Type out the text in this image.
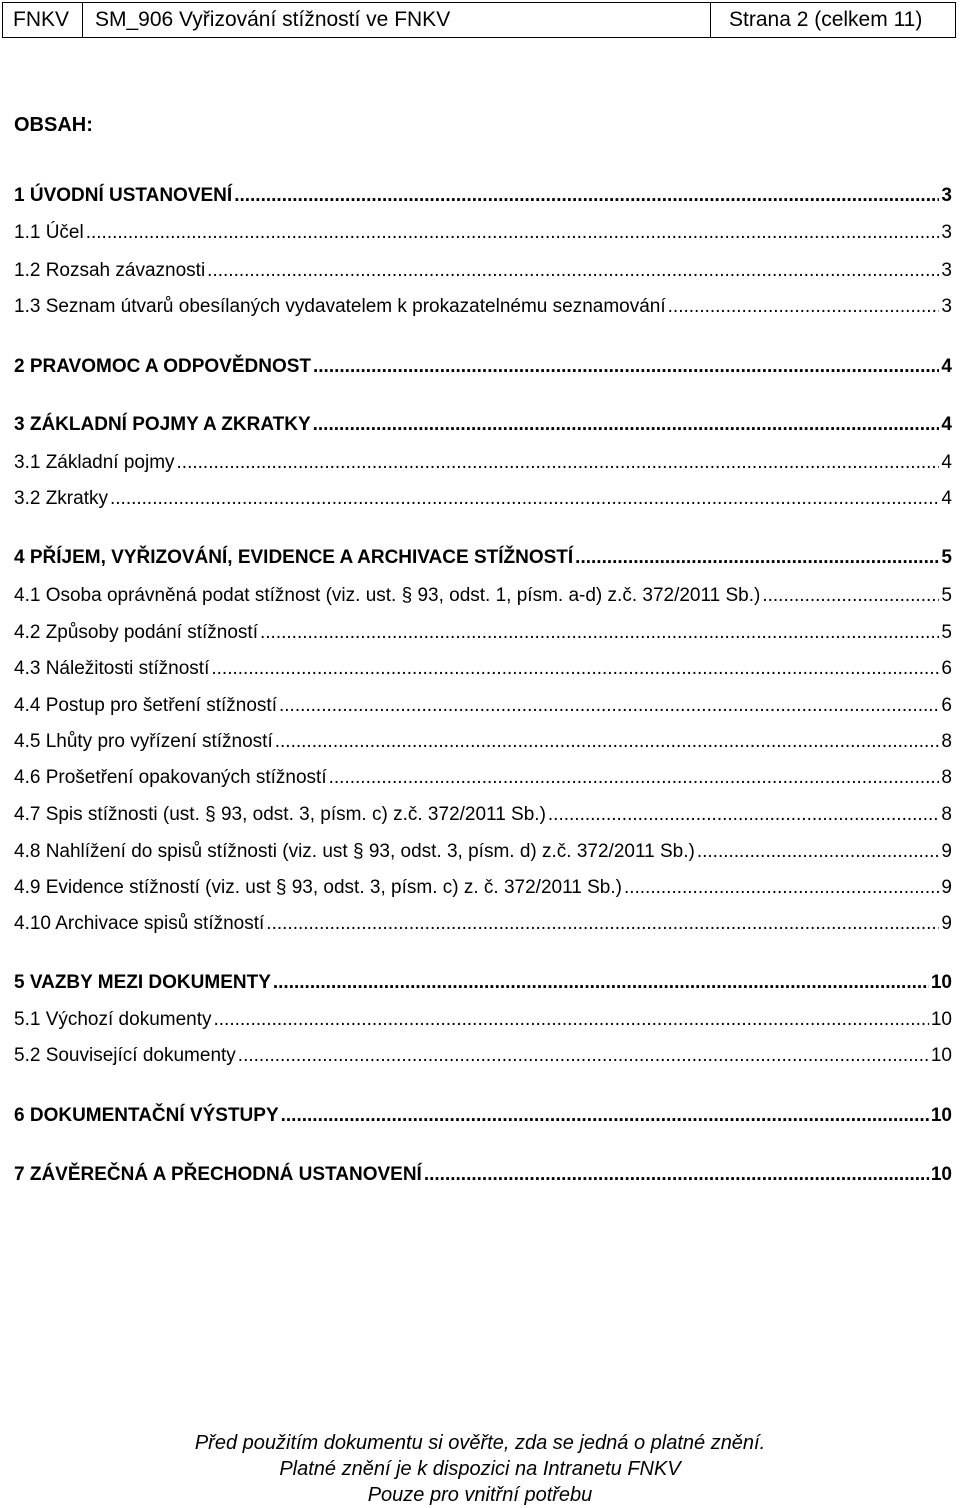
FNKV	SM_906 Vyřizování stížností ve FNKV	Strana 2 (celkem 11)
OBSAH:
1 ÚVODNÍ USTANOVENÍ .....	3
1.1 Účel .....	3
1.2 Rozsah závaznosti .....	3
1.3 Seznam útvarů obesílaných vydavatelem k prokazatelnému seznamování .....	3
2 PRAVOMOC A ODPOVĚDNOST .....	4
3 ZÁKLADNÍ POJMY A ZKRATKY .....	4
3.1 Základní pojmy .....	4
3.2 Zkratky .....	4
4 PŘÍJEM, VYŘIZOVÁNÍ, EVIDENCE A ARCHIVACE STÍŽNOSTÍ .....	5
4.1 Osoba oprávněná podat stížnost (viz. ust. § 93, odst. 1, písm. a-d) z.č. 372/2011 Sb.) .....	5
4.2 Způsoby podání stížností .....	5
4.3 Náležitosti stížností .....	6
4.4 Postup pro šetření stížností .....	6
4.5 Lhůty pro vyřízení stížností .....	8
4.6 Prošetření opakovaných stížností .....	8
4.7 Spis stížnosti (ust. § 93, odst. 3, písm. c) z.č. 372/2011 Sb.) .....	8
4.8 Nahlížení do spisů stížnosti (viz. ust § 93, odst. 3, písm. d) z.č. 372/2011 Sb.) .....	9
4.9 Evidence stížností (viz. ust § 93, odst. 3, písm. c) z. č. 372/2011 Sb.) .....	9
4.10 Archivace spisů stížností .....	9
5 VAZBY MEZI DOKUMENTY .....	10
5.1 Výchozí dokumenty .....	10
5.2 Související dokumenty .....	10
6 DOKUMENTAČNÍ VÝSTUPY .....	10
7 ZÁVĚREČNÁ A PŘECHODNÁ USTANOVENÍ .....	10
Před použitím dokumentu si ověřte, zda se jedná o platné znění.
Platné znění je k dispozici na Intranetu FNKV
Pouze pro vnitřní potřebu
